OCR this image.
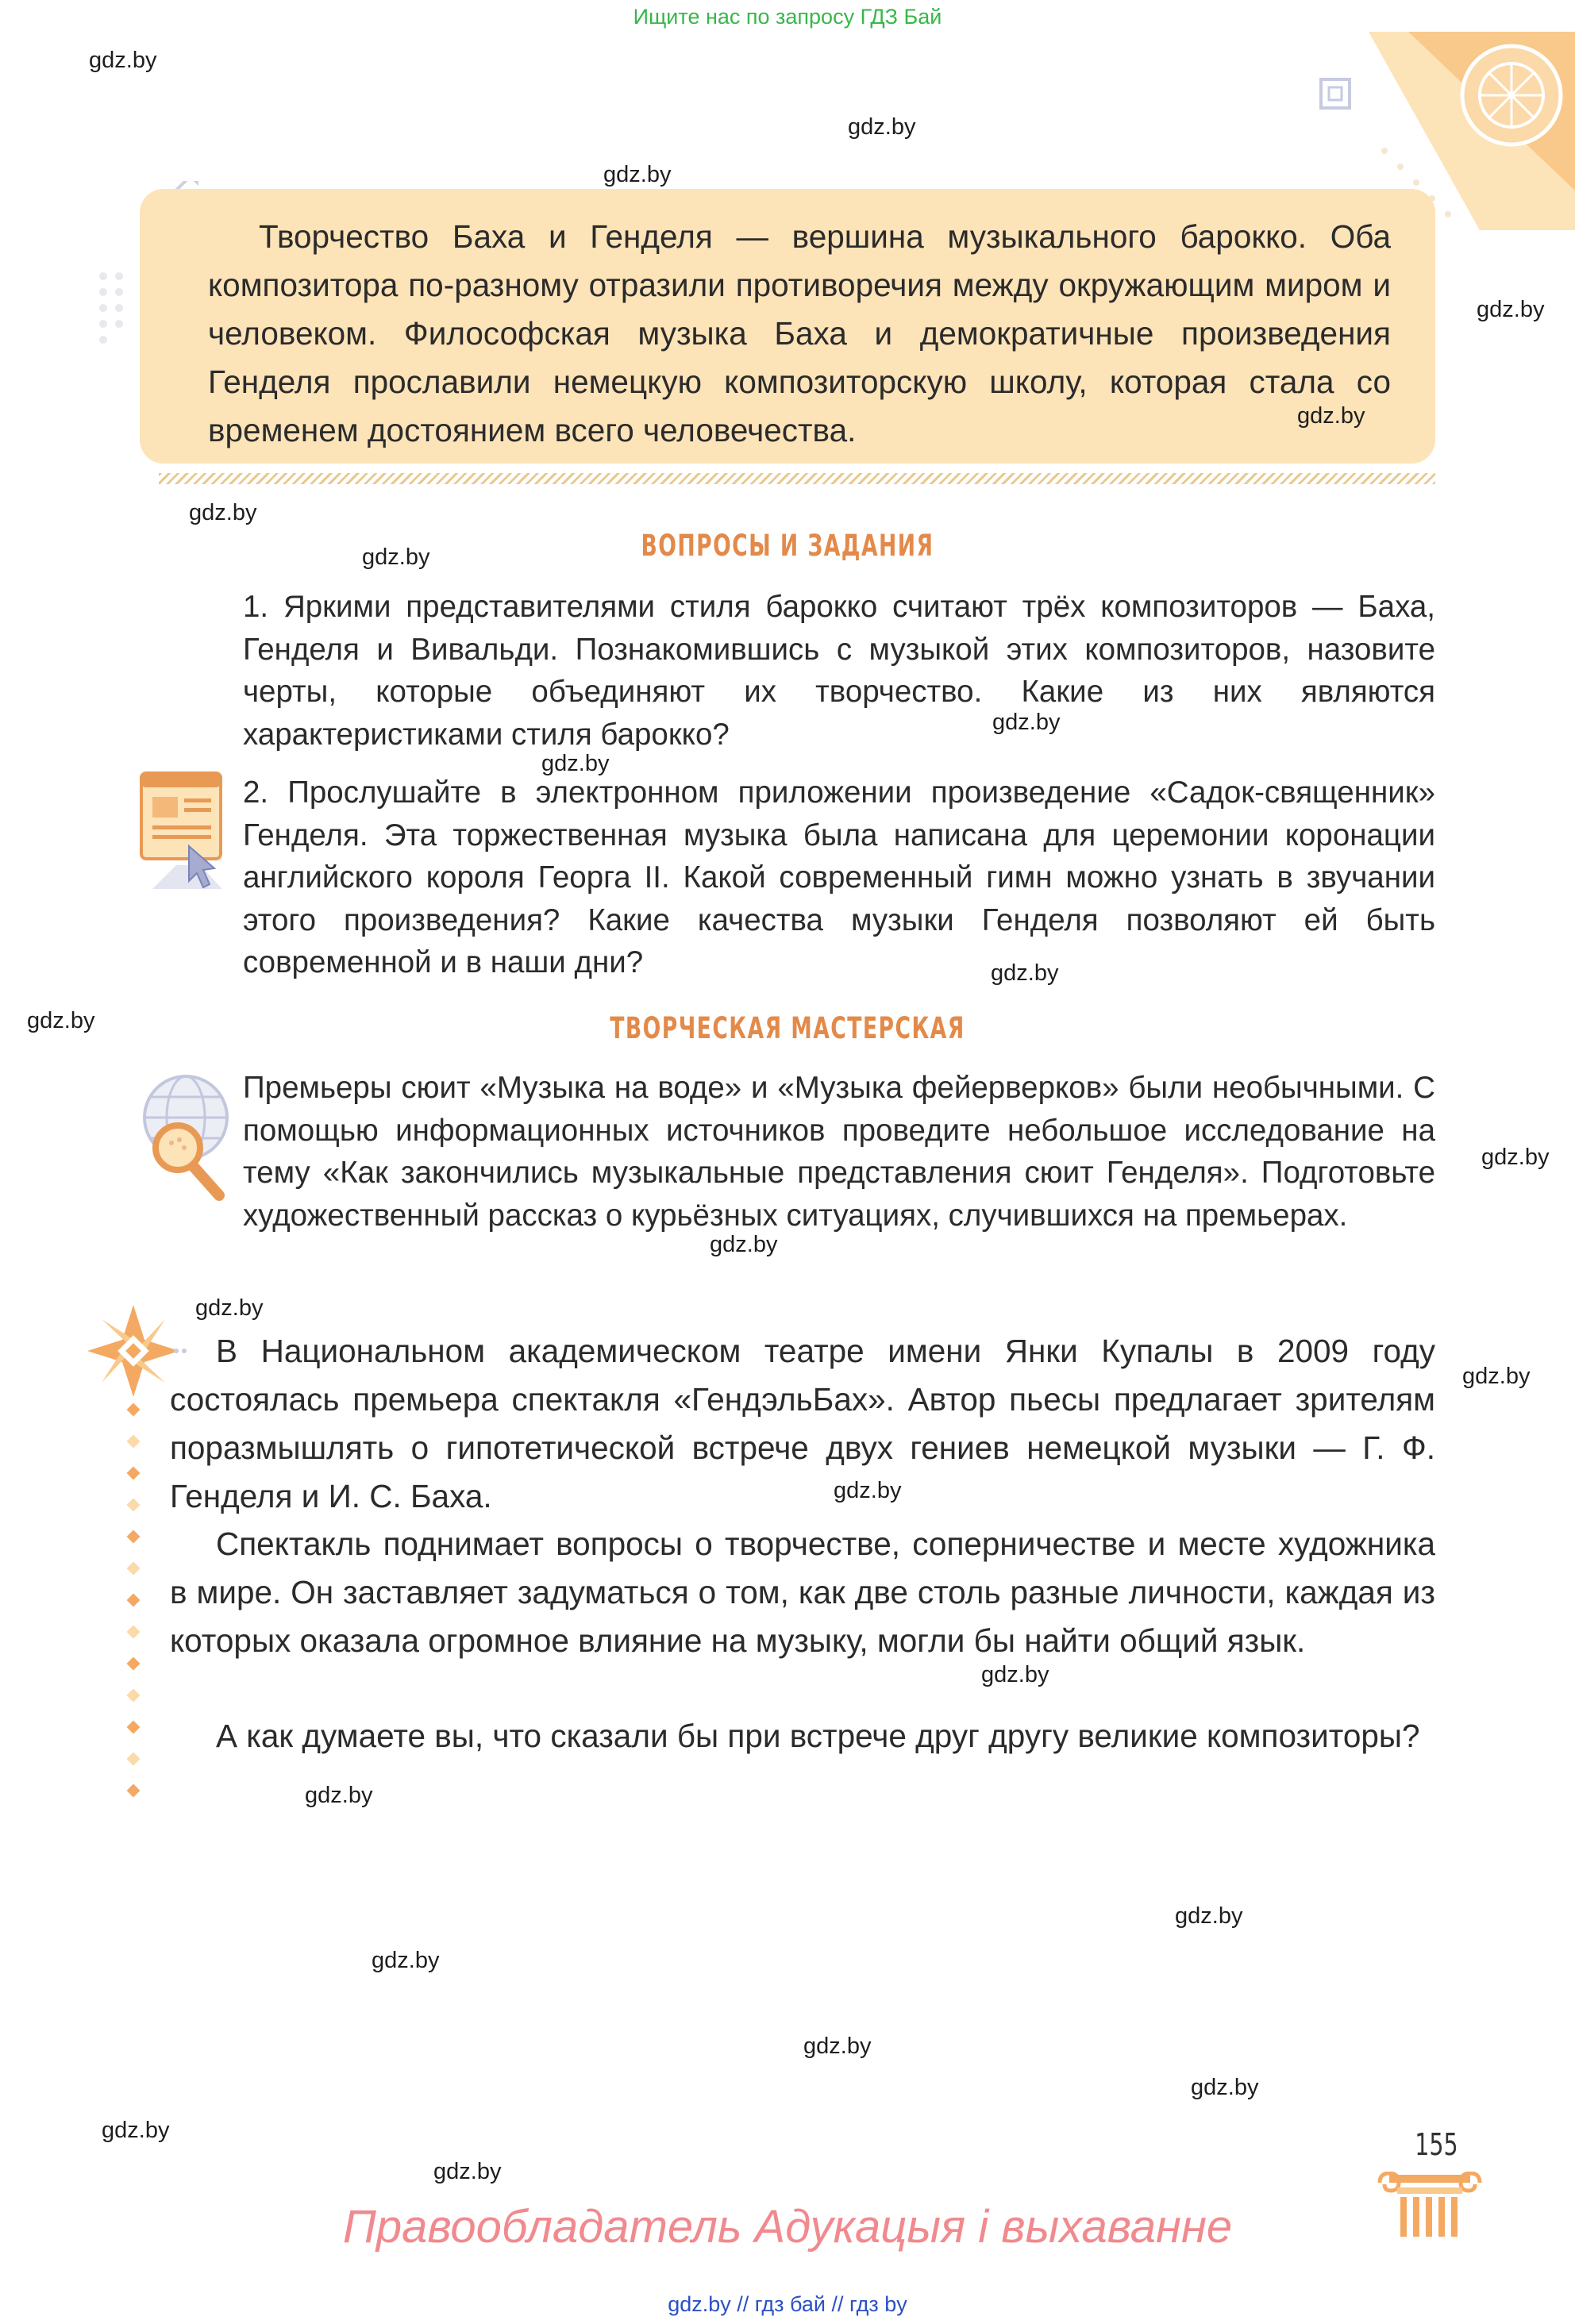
Ищите нас по запросу ГДЗ Бай

Творчество Баха и Генделя — вершина музыкального барокко. Оба композитора по-разному отразили противоречия между окружающим миром и человеком. Философская музыка Баха и демократичные произведения Генделя прославили немецкую композиторскую школу, которая стала со временем достоянием всего человечества.

ВОПРОСЫ И ЗАДАНИЯ

1. Яркими представителями стиля барокко считают трёх композиторов — Баха, Генделя и Вивальди. Познакомившись с музыкой этих композиторов, назовите черты, которые объединяют их творчество. Какие из них являются характеристиками стиля барокко?

2. Прослушайте в электронном приложении произведение «Садок-священник» Генделя. Эта торжественная музыка была написана для церемонии коронации английского короля Георга II. Какой современный гимн можно узнать в звучании этого произведения? Какие качества музыки Генделя позволяют ей быть современной и в наши дни?

ТВОРЧЕСКАЯ МАСТЕРСКАЯ

Премьеры сюит «Музыка на воде» и «Музыка фейерверков» были необычными. С помощью информационных источников проведите небольшое исследование на тему «Как закончились музыкальные представления сюит Генделя». Подготовьте художественный рассказ о курьёзных ситуациях, случившихся на премьерах.

В Национальном академическом театре имени Янки Купалы в 2009 году состоялась премьера спектакля «ГендэльБах». Автор пьесы предлагает зрителям поразмышлять о гипотетической встрече двух гениев немецкой музыки — Г. Ф. Генделя и И. С. Баха.

Спектакль поднимает вопросы о творчестве, соперничестве и месте художника в мире. Он заставляет задуматься о том, как две столь разные личности, каждая из которых оказала огромное влияние на музыку, могли бы найти общий язык.

А как думаете вы, что сказали бы при встрече друг другу великие композиторы?

gdz.by
gdz.by
gdz.by
gdz.by
gdz.by
gdz.by
gdz.by
gdz.by
gdz.by
gdz.by
gdz.by
gdz.by
gdz.by
gdz.by
gdz.by
gdz.by
gdz.by
gdz.by
gdz.by
gdz.by
gdz.by
gdz.by
gdz.by
gdz.by
155
Правообладатель Адукацыя і выхаванне
gdz.by // гдз бай // гдз by
